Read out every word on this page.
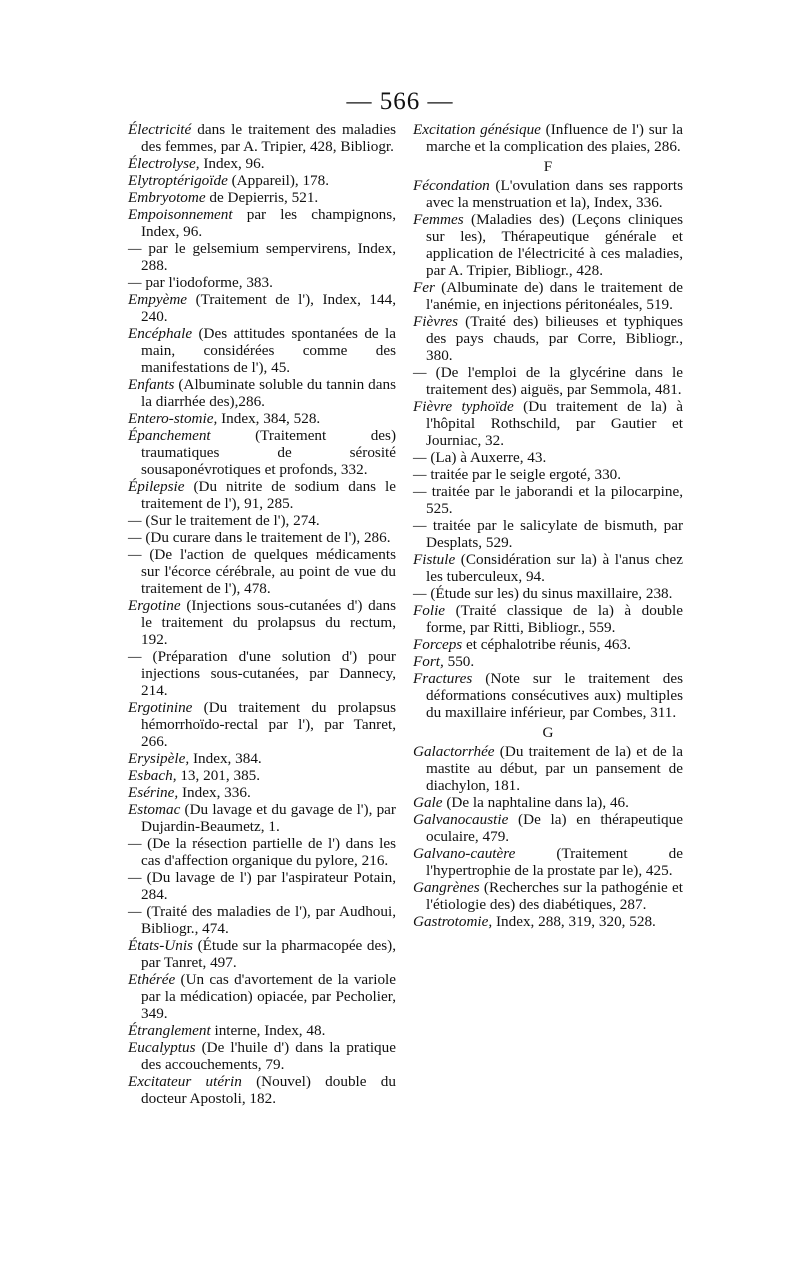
— 566 —

Électricité dans le traitement des maladies des femmes, par A. Tripier, 428, Bibliogr.

Électrolyse, Index, 96.

Elytroptérigoïde (Appareil), 178.

Embryotome de Depierris, 521.

Empoisonnement par les champignons, Index, 96.

— par le gelsemium sempervirens, Index, 288.

— par l'iodoforme, 383.

Empyème (Traitement de l'), Index, 144, 240.

Encéphale (Des attitudes spontanées de la main, considérées comme des manifestations de l'), 45.

Enfants (Albuminate soluble du tannin dans la diarrhée des),286.

Entero-stomie, Index, 384, 528.

Épanchement (Traitement des) traumatiques de sérosité sousaponévrotiques et profonds, 332.

Épilepsie (Du nitrite de sodium dans le traitement de l'), 91, 285.

— (Sur le traitement de l'), 274.

— (Du curare dans le traitement de l'), 286.

— (De l'action de quelques médicaments sur l'écorce cérébrale, au point de vue du traitement de l'), 478.

Ergotine (Injections sous-cutanées d') dans le traitement du prolapsus du rectum, 192.

— (Préparation d'une solution d') pour injections sous-cutanées, par Dannecy, 214.

Ergotinine (Du traitement du prolapsus hémorrhoïdo-rectal par l'), par Tanret, 266.

Erysipèle, Index, 384.

Esbach, 13, 201, 385.

Esérine, Index, 336.

Estomac (Du lavage et du gavage de l'), par Dujardin-Beaumetz, 1.

— (De la résection partielle de l') dans les cas d'affection organique du pylore, 216.

— (Du lavage de l') par l'aspirateur Potain, 284.

— (Traité des maladies de l'), par Audhoui, Bibliogr., 474.

États-Unis (Étude sur la pharmacopée des), par Tanret, 497.

Ethérée (Un cas d'avortement de la variole par la médication) opiacée, par Pecholier, 349.

Étranglement interne, Index, 48.

Eucalyptus (De l'huile d') dans la pratique des accouchements, 79.

Excitateur utérin (Nouvel) double du docteur Apostoli, 182.

Excitation génésique (Influence de l') sur la marche et la complication des plaies, 286.

F

Fécondation (L'ovulation dans ses rapports avec la menstruation et la), Index, 336.

Femmes (Maladies des) (Leçons cliniques sur les), Thérapeutique générale et application de l'électricité à ces maladies, par A. Tripier, Bibliogr., 428.

Fer (Albuminate de) dans le traitement de l'anémie, en injections péritonéales, 519.

Fièvres (Traité des) bilieuses et typhiques des pays chauds, par Corre, Bibliogr., 380.

— (De l'emploi de la glycérine dans le traitement des) aiguës, par Semmola, 481.

Fièvre typhoïde (Du traitement de la) à l'hôpital Rothschild, par Gautier et Journiac, 32.

— (La) à Auxerre, 43.

— traitée par le seigle ergoté, 330.

— traitée par le jaborandi et la pilocarpine, 525.

— traitée par le salicylate de bismuth, par Desplats, 529.

Fistule (Considération sur la) à l'anus chez les tuberculeux, 94.

— (Étude sur les) du sinus maxillaire, 238.

Folie (Traité classique de la) à double forme, par Ritti, Bibliogr., 559.

Forceps et céphalotribe réunis, 463.

Fort, 550.

Fractures (Note sur le traitement des déformations consécutives aux) multiples du maxillaire inférieur, par Combes, 311.

G

Galactorrhée (Du traitement de la) et de la mastite au début, par un pansement de diachylon, 181.

Gale (De la naphtaline dans la), 46.

Galvanocaustie (De la) en thérapeutique oculaire, 479.

Galvano-cautère (Traitement de l'hypertrophie de la prostate par le), 425.

Gangrènes (Recherches sur la pathogénie et l'étiologie des) des diabétiques, 287.

Gastrotomie, Index, 288, 319, 320, 528.
